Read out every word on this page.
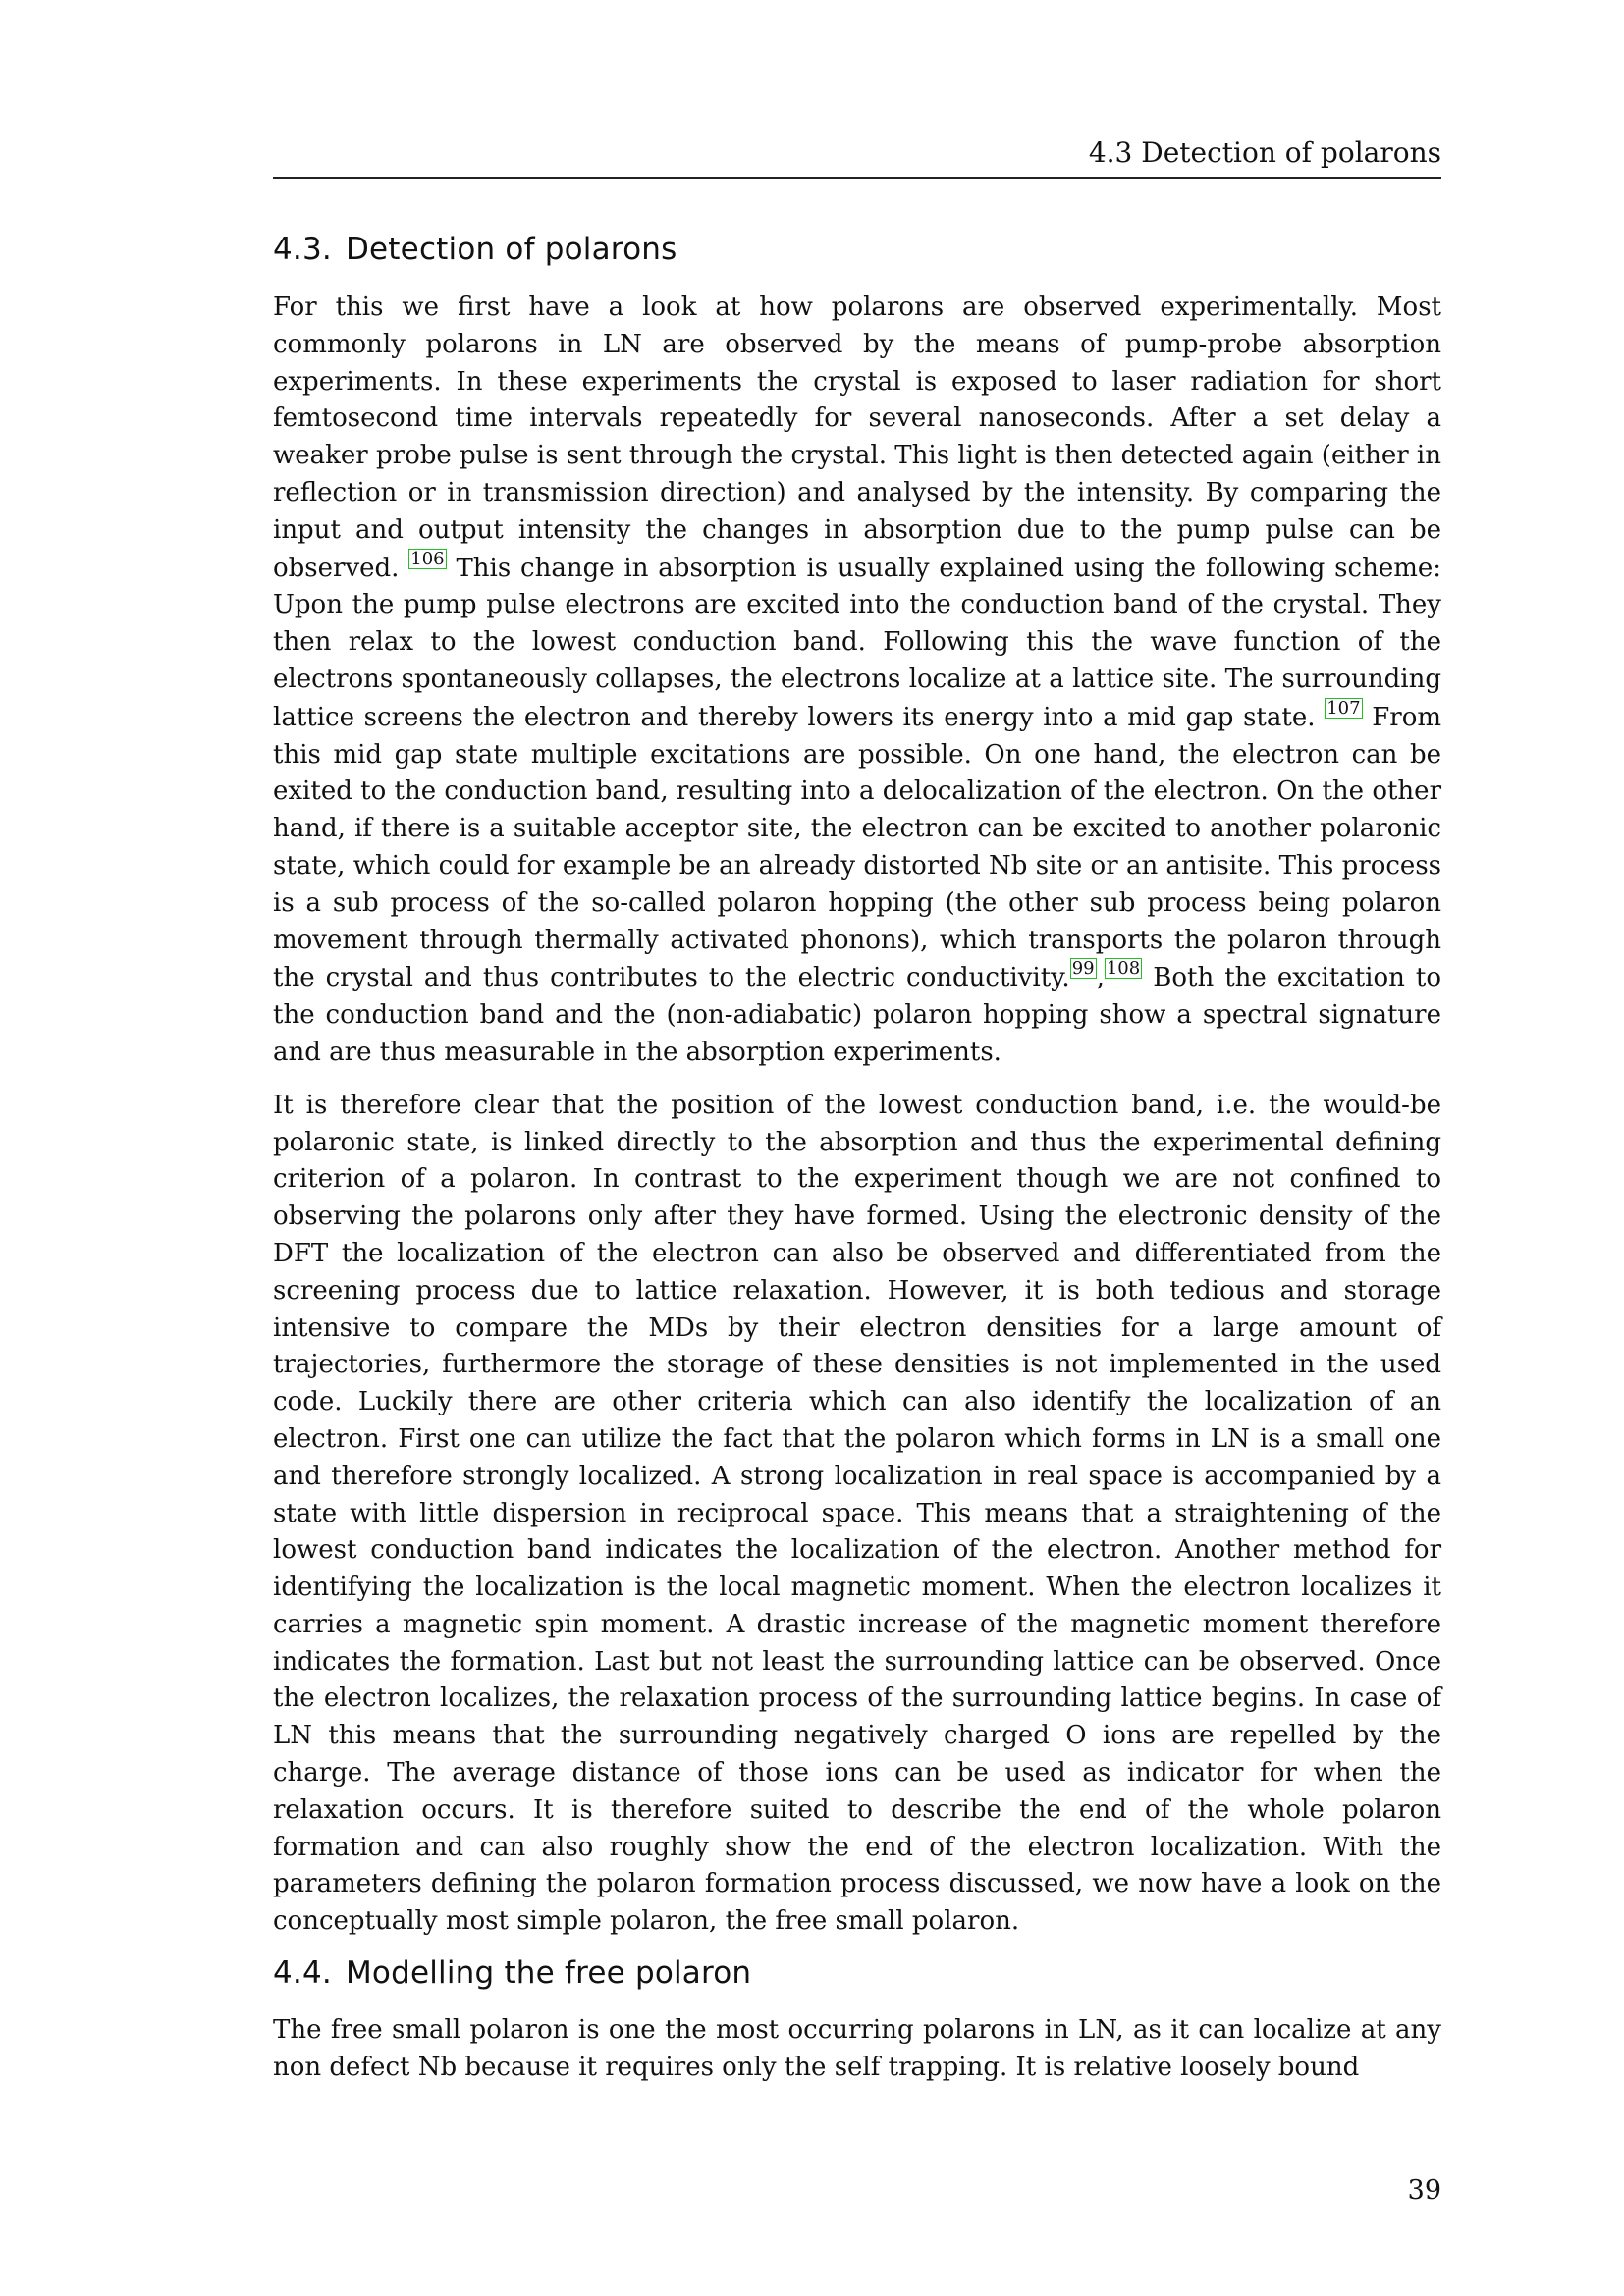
4.3 Detection of polarons
4.3. Detection of polarons

For this we first have a look at how polarons are observed experimentally. Most commonly polarons in LN are observed by the means of pump-probe absorption experiments. In these experiments the crystal is exposed to laser radiation for short femtosecond time intervals repeatedly for several nanoseconds. After a set delay a weaker probe pulse is sent through the crystal. This light is then detected again (either in reflection or in transmission direction) and analysed by the intensity. By comparing the input and output intensity the changes in absorption due to the pump pulse can be observed. 106 This change in absorption is usually explained using the following scheme: Upon the pump pulse electrons are excited into the conduction band of the crystal. They then relax to the lowest conduction band. Following this the wave function of the electrons spontaneously collapses, the electrons localize at a lattice site. The surrounding lattice screens the electron and thereby lowers its energy into a mid gap state. 107 From this mid gap state multiple excitations are possible. On one hand, the electron can be exited to the conduction band, resulting into a delocalization of the electron. On the other hand, if there is a suitable acceptor site, the electron can be excited to another polaronic state, which could for example be an already distorted Nb site or an antisite. This process is a sub process of the so-called polaron hopping (the other sub process being polaron movement through thermally activated phonons), which transports the polaron through the crystal and thus contributes to the electric conductivity. 99, 108 Both the excitation to the conduction band and the (non-adiabatic) polaron hopping show a spectral signature and are thus measurable in the absorption experiments.

It is therefore clear that the position of the lowest conduction band, i.e. the would-be polaronic state, is linked directly to the absorption and thus the experimental defining criterion of a polaron. In contrast to the experiment though we are not confined to observing the polarons only after they have formed. Using the electronic density of the DFT the localization of the electron can also be observed and differentiated from the screening process due to lattice relaxation. However, it is both tedious and storage intensive to compare the MDs by their electron densities for a large amount of trajectories, furthermore the storage of these densities is not implemented in the used code. Luckily there are other criteria which can also identify the localization of an electron. First one can utilize the fact that the polaron which forms in LN is a small one and therefore strongly localized. A strong localization in real space is accompanied by a state with little dispersion in reciprocal space. This means that a straightening of the lowest conduction band indicates the localization of the electron. Another method for identifying the localization is the local magnetic moment. When the electron localizes it carries a magnetic spin moment. A drastic increase of the magnetic moment therefore indicates the formation. Last but not least the surrounding lattice can be observed. Once the electron localizes, the relaxation process of the surrounding lattice begins. In case of LN this means that the surrounding negatively charged O ions are repelled by the charge. The average distance of those ions can be used as indicator for when the relaxation occurs. It is therefore suited to describe the end of the whole polaron formation and can also roughly show the end of the electron localization. With the parameters defining the polaron formation process discussed, we now have a look on the conceptually most simple polaron, the free small polaron.

4.4. Modelling the free polaron

The free small polaron is one the most occurring polarons in LN, as it can localize at any non defect Nb because it requires only the self trapping. It is relative loosely bound

39
